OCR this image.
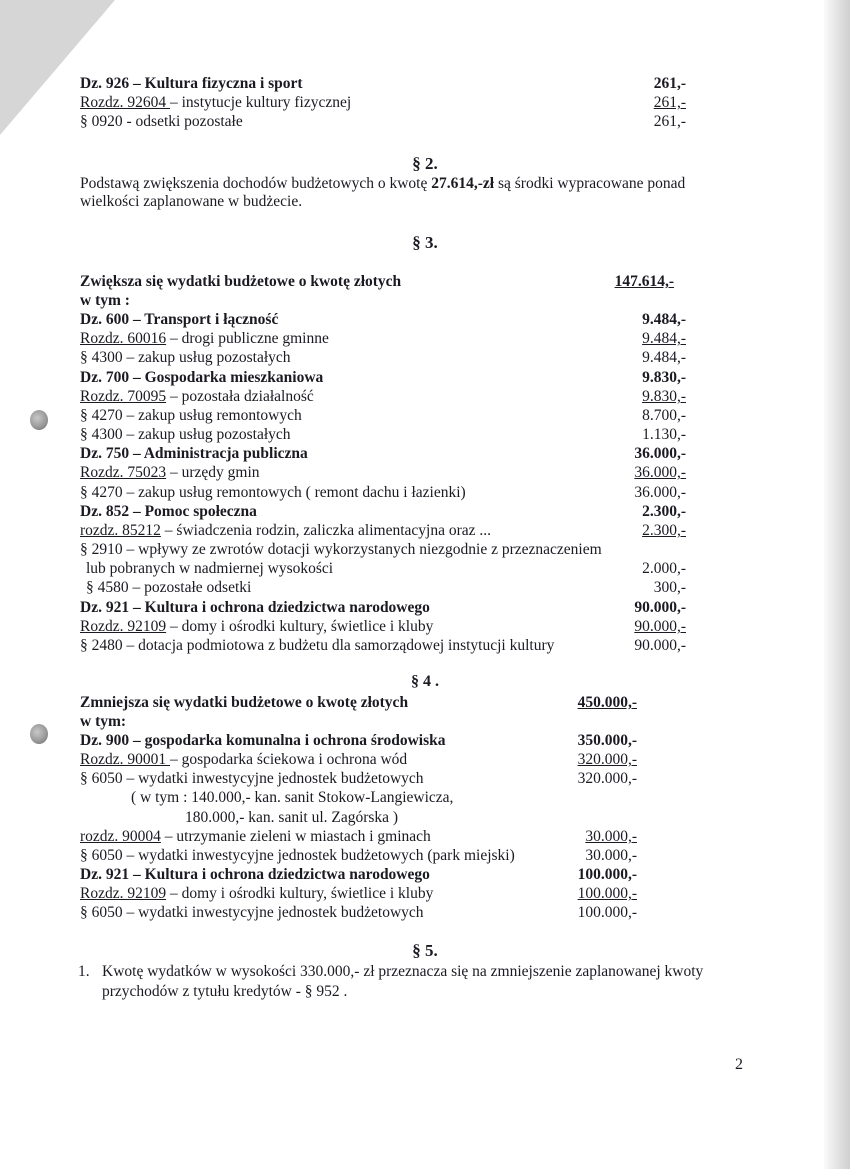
Dz. 926 – Kultura fizyczna i sport	261,-
Rozdz. 92604 – instytucje kultury fizycznej	261,-
§ 0920 - odsetki pozostałe	261,-
§ 2.
Podstawą zwiększenia dochodów budżetowych o kwotę 27.614,-zł są środki wypracowane ponad wielkości zaplanowane w budżecie.
§ 3.
Zwiększa się wydatki budżetowe o kwotę złotych	147.614,-
w tym :
Dz. 600 – Transport i łączność	9.484,-
Rozdz. 60016 – drogi publiczne gminne	9.484,-
§ 4300 – zakup usług pozostałych	9.484,-
Dz. 700 – Gospodarka mieszkaniowa	9.830,-
Rozdz. 70095 – pozostała działalność	9.830,-
§ 4270 – zakup usług remontowych	8.700,-
§ 4300 – zakup usług pozostałych	1.130,-
Dz. 750 – Administracja publiczna	36.000,-
Rozdz. 75023 – urzędy gmin	36.000,-
§ 4270 – zakup usług remontowych ( remont dachu i łazienki)	36.000,-
Dz. 852 – Pomoc społeczna	2.300,-
rozdz. 85212 – świadczenia rodzin, zaliczka alimentacyjna oraz ...	2.300,-
§ 2910 – wpływy ze zwrotów dotacji wykorzystanych niezgodnie z przeznaczeniem
lub pobranych w nadmiernej wysokości	2.000,-
§ 4580 – pozostałe odsetki	300,-
Dz. 921 – Kultura i ochrona dziedzictwa narodowego	90.000,-
Rozdz. 92109 – domy i ośrodki kultury, świetlice i kluby	90.000,-
§ 2480 – dotacja podmiotowa z budżetu dla samorządowej instytucji kultury	90.000,-
§ 4 .
Zmniejsza się wydatki budżetowe o kwotę złotych	450.000,-
w tym:
Dz. 900 – gospodarka komunalna i ochrona środowiska	350.000,-
Rozdz. 90001 – gospodarka ściekowa i ochrona wód	320.000,-
§ 6050 – wydatki inwestycyjne jednostek budżetowych	320.000,-
( w tym : 140.000,- kan. sanit Stokow-Langiewicza,
180.000,- kan. sanit ul. Zagórska )
rozdz. 90004 – utrzymanie zieleni w miastach i gminach	30.000,-
§ 6050 – wydatki inwestycyjne jednostek budżetowych (park miejski)	30.000,-
Dz. 921 – Kultura i ochrona dziedzictwa narodowego	100.000,-
Rozdz. 92109 – domy i ośrodki kultury, świetlice i kluby	100.000,-
§ 6050 – wydatki inwestycyjne jednostek budżetowych	100.000,-
§ 5.
1. Kwotę wydatków w wysokości 330.000,- zł przeznacza się na zmniejszenie zaplanowanej kwoty przychodów z tytułu kredytów - § 952 .
2
